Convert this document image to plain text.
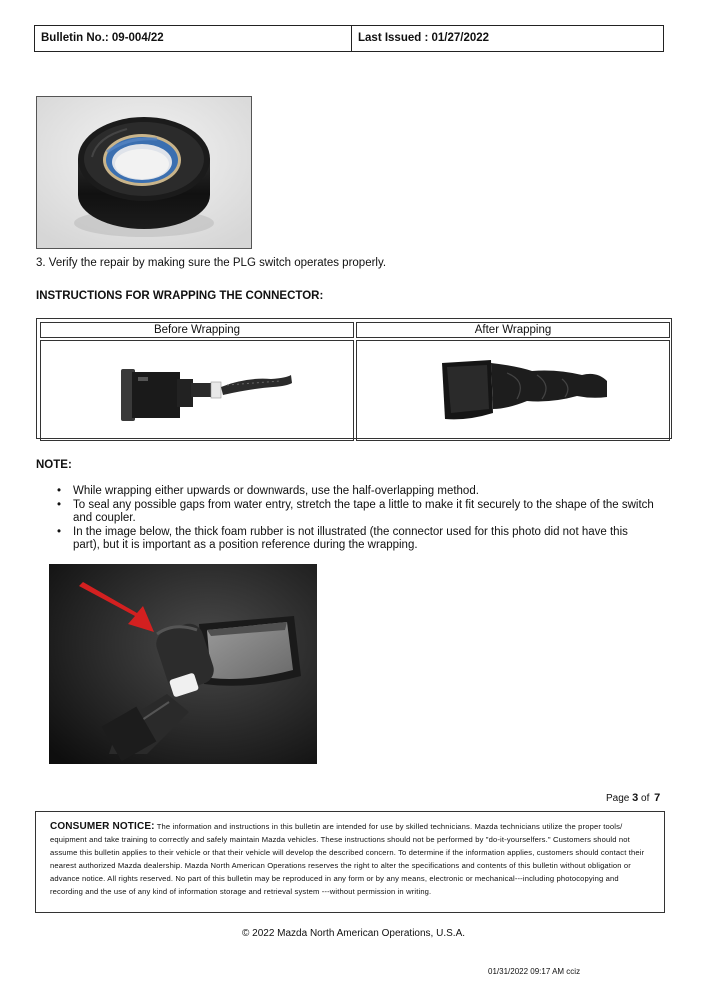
Bulletin No.: 09-004/22	Last Issued : 01/27/2022
3. Verify the repair by making sure the PLG switch operates properly.
INSTRUCTIONS FOR WRAPPING THE CONNECTOR:
Before Wrapping	After Wrapping

NOTE:
• While wrapping either upwards or downwards, use the half-overlapping method.
• To seal any possible gaps from water entry, stretch the tape a little to make it fit securely to the shape of the switch and coupler.
• In the image below, the thick foam rubber is not illustrated (the connector used for this photo did not have this part), but it is important as a position reference during the wrapping.
Page 3 of 7
CONSUMER NOTICE: The information and instructions in this bulletin are intended for use by skilled technicians. Mazda technicians utilize the proper tools/ equipment and take training to correctly and safely maintain Mazda vehicles. These instructions should not be performed by "do-it-yourselfers." Customers should not assume this bulletin applies to their vehicle or that their vehicle will develop the described concern. To determine if the information applies, customers should contact their nearest authorized Mazda dealership. Mazda North American Operations reserves the right to alter the specifications and contents of this bulletin without obligation or advance notice. All rights reserved. No part of this bulletin may be reproduced in any form or by any means, electronic or mechanical---including photocopying and recording and the use of any kind of information storage and retrieval system ---without permission in writing.
© 2022 Mazda North American Operations, U.S.A.
01/31/2022 09:17 AM cciz
